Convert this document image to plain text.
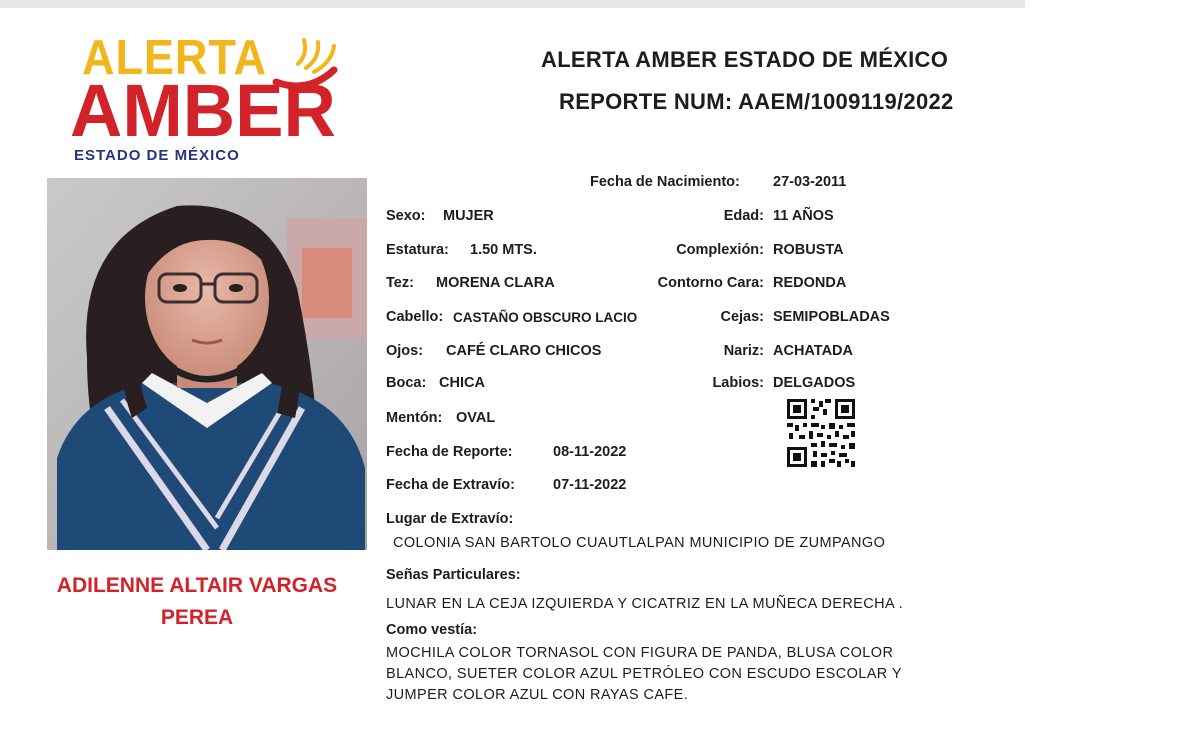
ALERTA
AMBER
ESTADO DE MÉXICO
ALERTA AMBER ESTADO DE MÉXICO
REPORTE NUM: AAEM/1009119/2022
ADILENNE ALTAIR VARGAS
PEREA
Fecha de Nacimiento: 27-03-2011
Sexo: MUJER	Edad: 11 AÑOS
Estatura: 1.50 MTS.	Complexión: ROBUSTA
Tez: MORENA CLARA	Contorno Cara: REDONDA
Cabello: CASTAÑO OBSCURO LACIO	Cejas: SEMIPOBLADAS
Ojos: CAFÉ CLARO CHICOS	Nariz: ACHATADA
Boca: CHICA	Labios: DELGADOS
Mentón: OVAL
Fecha de Reporte:	08-11-2022
Fecha de Extravío:	07-11-2022
Lugar de Extravío:
COLONIA SAN BARTOLO CUAUTLALPAN MUNICIPIO DE ZUMPANGO
Señas Particulares:
LUNAR EN LA CEJA IZQUIERDA Y CICATRIZ EN LA MUÑECA DERECHA .
Como vestía:
MOCHILA COLOR TORNASOL CON FIGURA DE PANDA, BLUSA COLOR
BLANCO, SUETER COLOR AZUL PETRÓLEO CON ESCUDO ESCOLAR Y
JUMPER COLOR AZUL CON RAYAS CAFE.
